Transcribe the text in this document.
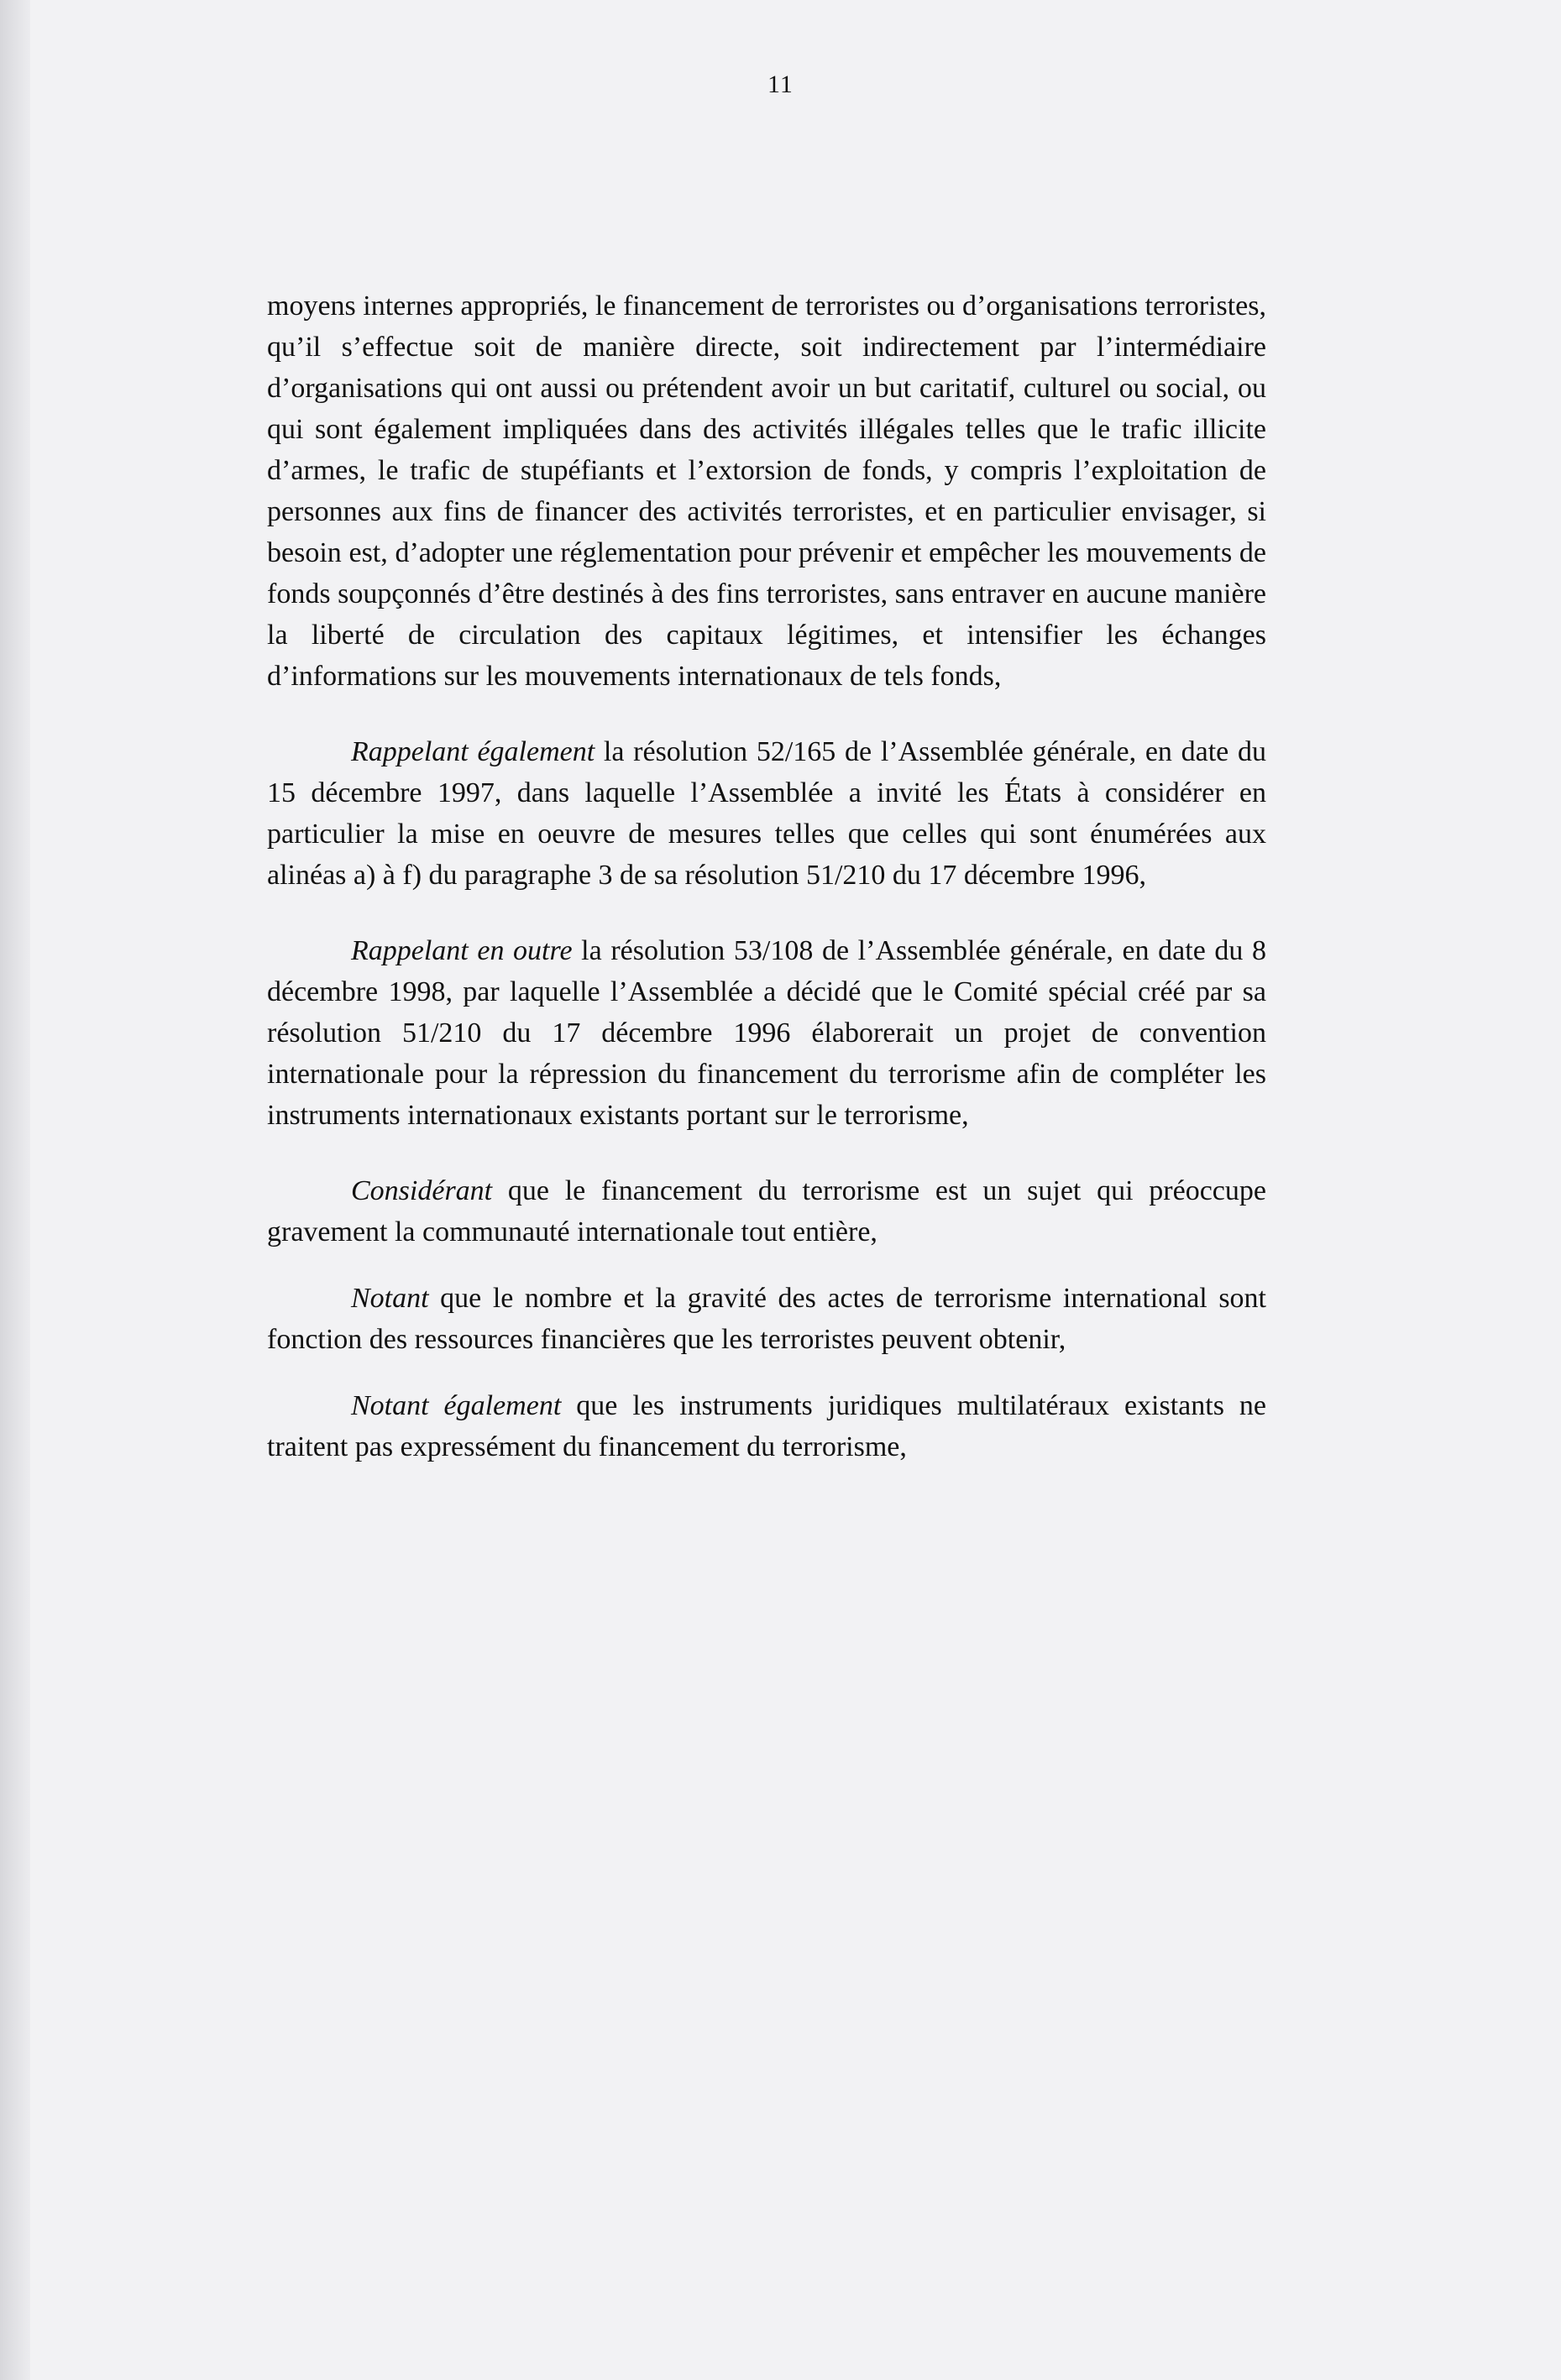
11

moyens internes appropriés, le financement de terroristes ou d’organisations terroristes, qu’il s’effectue soit de manière directe, soit indirectement par l’intermédiaire d’organisations qui ont aussi ou prétendent avoir un but caritatif, culturel ou social, ou qui sont également impliquées dans des activités illégales telles que le trafic illicite d’armes, le trafic de stupéfiants et l’extorsion de fonds, y compris l’exploitation de personnes aux fins de financer des activités terroristes, et en particulier envisager, si besoin est, d’adopter une réglementation pour prévenir et empêcher les mouvements de fonds soupçonnés d’être destinés à des fins terroristes, sans entraver en aucune manière la liberté de circulation des capitaux légitimes, et intensifier les échanges d’informations sur les mouvements internationaux de tels fonds,

Rappelant également la résolution 52/165 de l’Assemblée générale, en date du 15 décembre 1997, dans laquelle l’Assemblée a invité les États à considérer en particulier la mise en oeuvre de mesures telles que celles qui sont énumérées aux alinéas a) à f) du paragraphe 3 de sa résolution 51/210 du 17 décembre 1996,

Rappelant en outre la résolution 53/108 de l’Assemblée générale, en date du 8 décembre 1998, par laquelle l’Assemblée a décidé que le Comité spécial créé par sa résolution 51/210 du 17 décembre 1996 élaborerait un projet de convention internationale pour la répression du financement du terrorisme afin de compléter les instruments internationaux existants portant sur le terrorisme,

Considérant que le financement du terrorisme est un sujet qui préoccupe gravement la communauté internationale tout entière,

Notant que le nombre et la gravité des actes de terrorisme international sont fonction des ressources financières que les terroristes peuvent obtenir,

Notant également que les instruments juridiques multilatéraux existants ne traitent pas expressément du financement du terrorisme,
